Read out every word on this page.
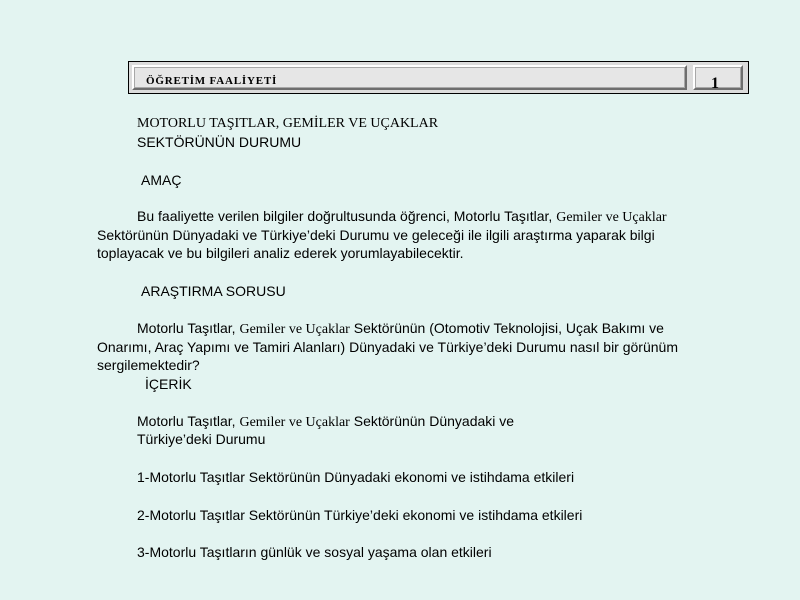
ÖĞRETİM FAALİYETİ	1
MOTORLU TAŞITLAR, GEMİLER VE UÇAKLAR
SEKTÖRÜNÜN DURUMU
AMAÇ
Bu faaliyette verilen bilgiler doğrultusunda öğrenci, Motorlu Taşıtlar, Gemiler ve Uçaklar
Sektörünün Dünyadaki ve Türkiye’deki Durumu ve geleceği ile ilgili araştırma yaparak bilgi
toplayacak ve bu bilgileri analiz ederek yorumlayabilecektir.
ARAŞTIRMA SORUSU
Motorlu Taşıtlar, Gemiler ve Uçaklar Sektörünün (Otomotiv Teknolojisi, Uçak Bakımı ve
Onarımı, Araç Yapımı ve Tamiri Alanları) Dünyadaki ve Türkiye’deki Durumu nasıl bir görünüm
sergilemektedir?
İÇERİK
Motorlu Taşıtlar, Gemiler ve Uçaklar Sektörünün Dünyadaki ve
Türkiye’deki Durumu
1-Motorlu Taşıtlar Sektörünün Dünyadaki ekonomi ve istihdama etkileri
2-Motorlu Taşıtlar Sektörünün Türkiye’deki ekonomi ve istihdama etkileri
3-Motorlu Taşıtların günlük ve sosyal yaşama olan etkileri
